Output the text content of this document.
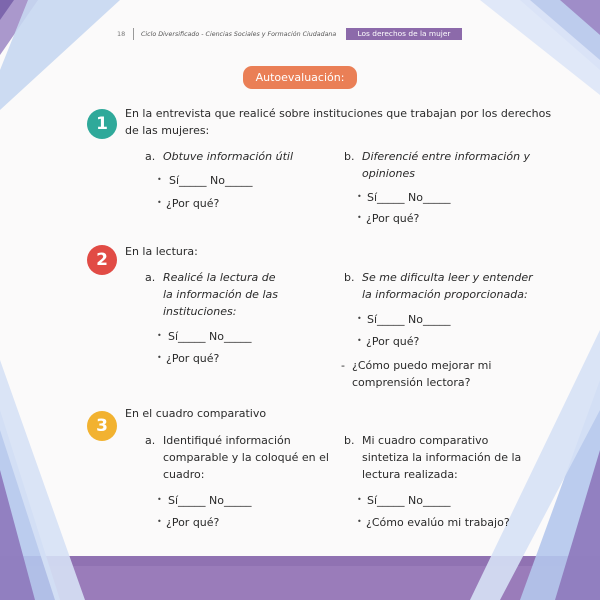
18 Ciclo Diversificado - Ciencias Sociales y Formación Ciudadana	Los derechos de la mujer
Autoevaluación:
1
En la entrevista que realicé sobre instituciones que trabajan por los derechos
de las mujeres:
a. Obtuve información útil
• Sí_____ No_____
• ¿Por qué?
b. Diferencié entre información y
opiniones
• Sí_____ No_____
• ¿Por qué?
2	En la lectura:
a. Realicé la lectura de
la información de las
instituciones:
• Sí_____ No_____
• ¿Por qué?
b. Se me dificulta leer y entender
la información proporcionada:
• Sí_____ No_____
• ¿Por qué?
- ¿Cómo puedo mejorar mi
comprensión lectora?
3
En el cuadro comparativo
a. Identifiqué información
comparable y la coloqué en el
cuadro:
• Sí_____ No_____
• ¿Por qué?
b. Mi cuadro comparativo
sintetiza la información de la
lectura realizada:
• Sí_____ No_____
• ¿Cómo evalúo mi trabajo?
